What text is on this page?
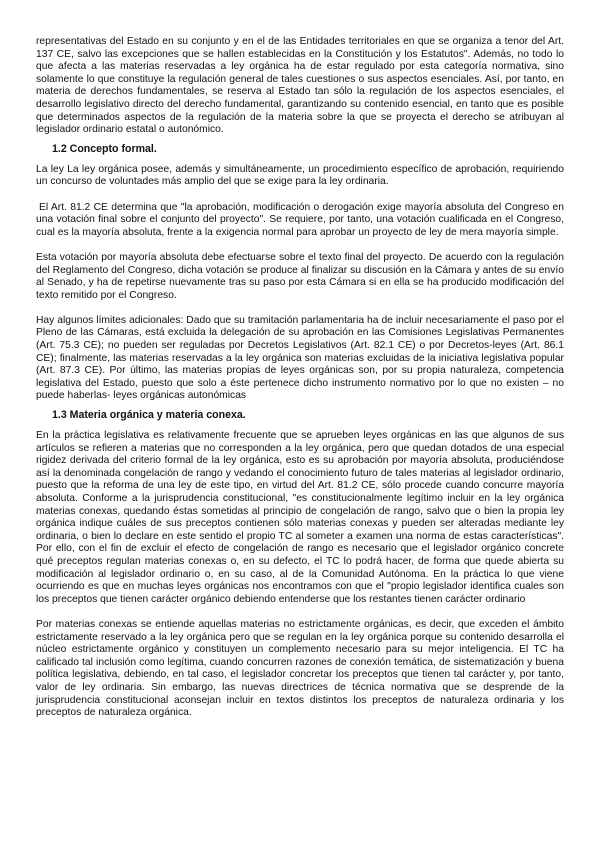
representativas del Estado en su conjunto y en el de las Entidades territoriales en que se organiza a tenor del Art. 137 CE, salvo las excepciones que se hallen establecidas en la Constitución y los Estatutos". Además, no todo lo que afecta a las materias reservadas a ley orgánica ha de estar regulado por esta categoría normativa, sino solamente lo que constituye la regulación general de tales cuestiones o sus aspectos esenciales. Así, por tanto, en materia de derechos fundamentales, se reserva al Estado tan sólo la regulación de los aspectos esenciales, el desarrollo legislativo directo del derecho fundamental, garantizando su contenido esencial, en tanto que es posible que determinados aspectos de la regulación de la materia sobre la que se proyecta el derecho se atribuyan al legislador ordinario estatal o autonómico.

1.2 Concepto formal.

La ley La ley orgánica posee, además y simultáneamente, un procedimiento específico de aprobación, requiriendo un concurso de voluntades más amplio del que se exige para la ley ordinaria.

El Art. 81.2 CE determina que "la aprobación, modificación o derogación exige mayoría absoluta del Congreso en una votación final sobre el conjunto del proyecto". Se requiere, por tanto, una votación cualificada en el Congreso, cual es la mayoría absoluta, frente a la exigencia normal para aprobar un proyecto de ley de mera mayoría simple.

Esta votación por mayoría absoluta debe efectuarse sobre el texto final del proyecto. De acuerdo con la regulación del Reglamento del Congreso, dicha votación se produce al finalizar su discusión en la Cámara y antes de su envío al Senado, y ha de repetirse nuevamente tras su paso por esta Cámara si en ella se ha producido modificación del texto remitido por el Congreso.

Hay algunos límites adicionales: Dado que su tramitación parlamentaria ha de incluir necesariamente el paso por el Pleno de las Cámaras, está excluida la delegación de su aprobación en las Comisiones Legislativas Permanentes (Art. 75.3 CE); no pueden ser reguladas por Decretos Legislativos (Art. 82.1 CE) o por Decretos-leyes (Art. 86.1 CE); finalmente, las materias reservadas a la ley orgánica son materias excluidas de la iniciativa legislativa popular (Art. 87.3 CE). Por último, las materias propias de leyes orgánicas son, por su propia naturaleza, competencia legislativa del Estado, puesto que solo a éste pertenece dicho instrumento normativo por lo que no existen – no puede haberlas- leyes orgánicas autonómicas

1.3 Materia orgánica y materia conexa.

En la práctica legislativa es relativamente frecuente que se aprueben leyes orgánicas en las que algunos de sus artículos se refieren a materias que no corresponden a la ley orgánica, pero que quedan dotados de una especial rigidez derivada del criterio formal de la ley orgánica, esto es su aprobación por mayoría absoluta, produciéndose así la denominada congelación de rango y vedando el conocimiento futuro de tales materias al legislador ordinario, puesto que la reforma de una ley de este tipo, en virtud del Art. 81.2 CE, sólo procede cuando concurre mayoría absoluta. Conforme a la jurisprudencia constitucional, "es constitucionalmente legítimo incluir en la ley orgánica materias conexas, quedando éstas sometidas al principio de congelación de rango, salvo que o bien la propia ley orgánica indique cuáles de sus preceptos contienen sólo materias conexas y pueden ser alteradas mediante ley ordinaria, o bien lo declare en este sentido el propio TC al someter a examen una norma de estas características". Por ello, con el fin de excluir el efecto de congelación de rango es necesario que el legislador orgánico concrete qué preceptos regulan materias conexas o, en su defecto, el TC lo podrá hacer, de forma que quede abierta su modificación al legislador ordinario o, en su caso, al de la Comunidad Autónoma. En la práctica lo que viene ocurriendo es que en muchas leyes orgánicas nos encontramos con que el "propio legislador identifica cuales son los preceptos que tienen carácter orgánico debiendo entenderse que los restantes tienen carácter ordinario

Por materias conexas se entiende aquellas materias no estrictamente orgánicas, es decir, que exceden el ámbito estrictamente reservado a la ley orgánica pero que se regulan en la ley orgánica porque su contenido desarrolla el núcleo estrictamente orgánico y constituyen un complemento necesario para su mejor inteligencia. El TC ha calificado tal inclusión como legítima, cuando concurren razones de conexión temática, de sistematización y buena política legislativa, debiendo, en tal caso, el legislador concretar los preceptos que tienen tal carácter y, por tanto, valor de ley ordinaria. Sin embargo, las nuevas directrices de técnica normativa que se desprende de la jurisprudencia constitucional aconsejan incluir en textos distintos los preceptos de naturaleza ordinaria y los preceptos de naturaleza orgánica.
